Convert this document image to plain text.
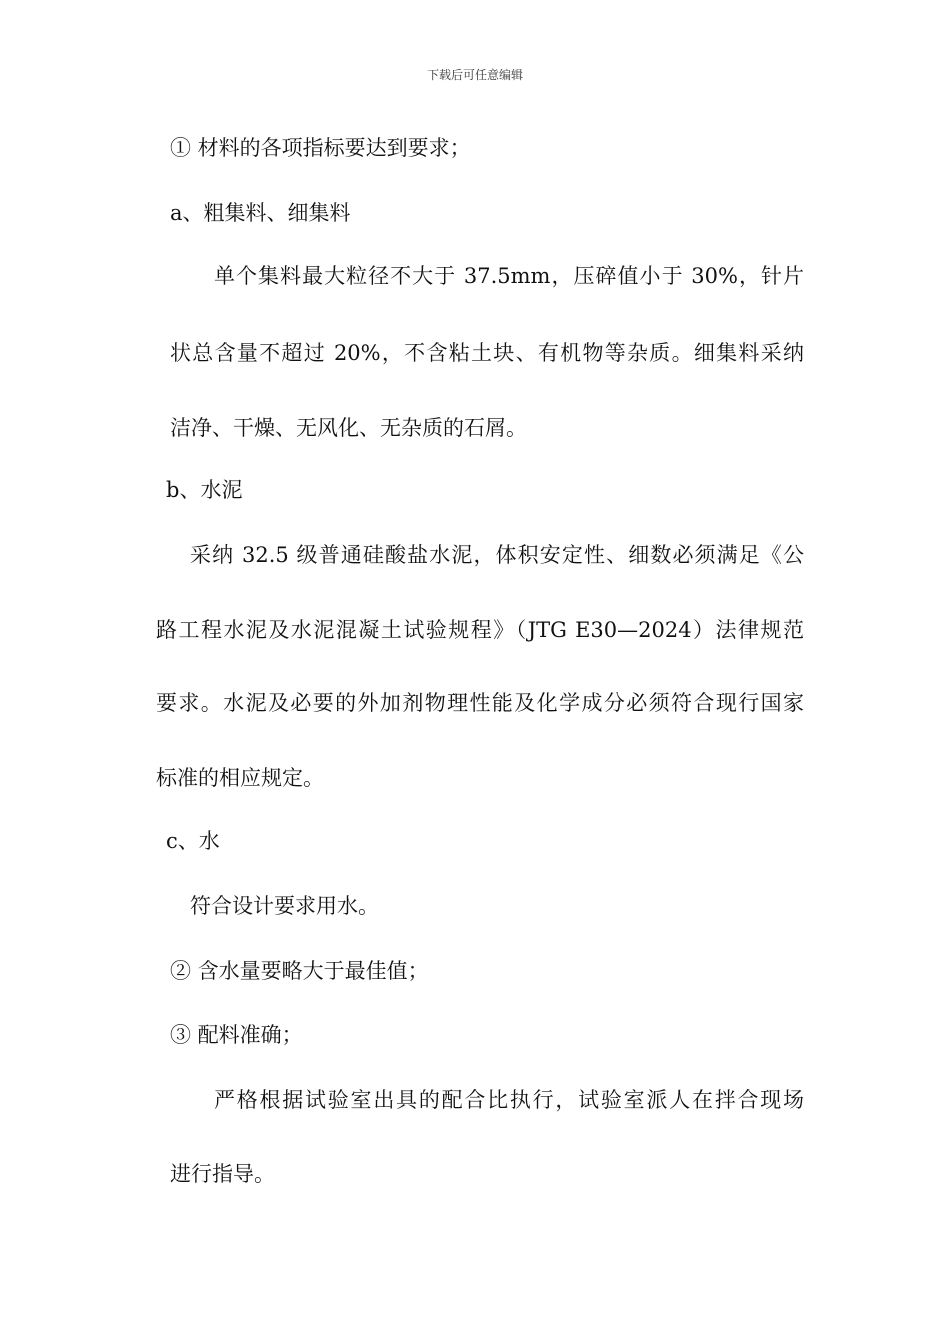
下载后可任意编辑
① 材料的各项指标要达到要求；
a、粗集料、细集料
单个集料最大粒径不大于 37.5mm，压碎值小于 30%，针片
状总含量不超过 20%，不含粘土块、有机物等杂质。细集料采纳
洁净、干燥、无风化、无杂质的石屑。
b、水泥
采纳 32.5 级普通硅酸盐水泥，体积安定性、细数必须满足《公
路工程水泥及水泥混凝土试验规程》（JTG E30—2024）法律规范
要求。水泥及必要的外加剂物理性能及化学成分必须符合现行国家
标准的相应规定。
c、水
符合设计要求用水。
② 含水量要略大于最佳值；
③ 配料准确；
严格根据试验室出具的配合比执行，试验室派人在拌合现场
进行指导。
